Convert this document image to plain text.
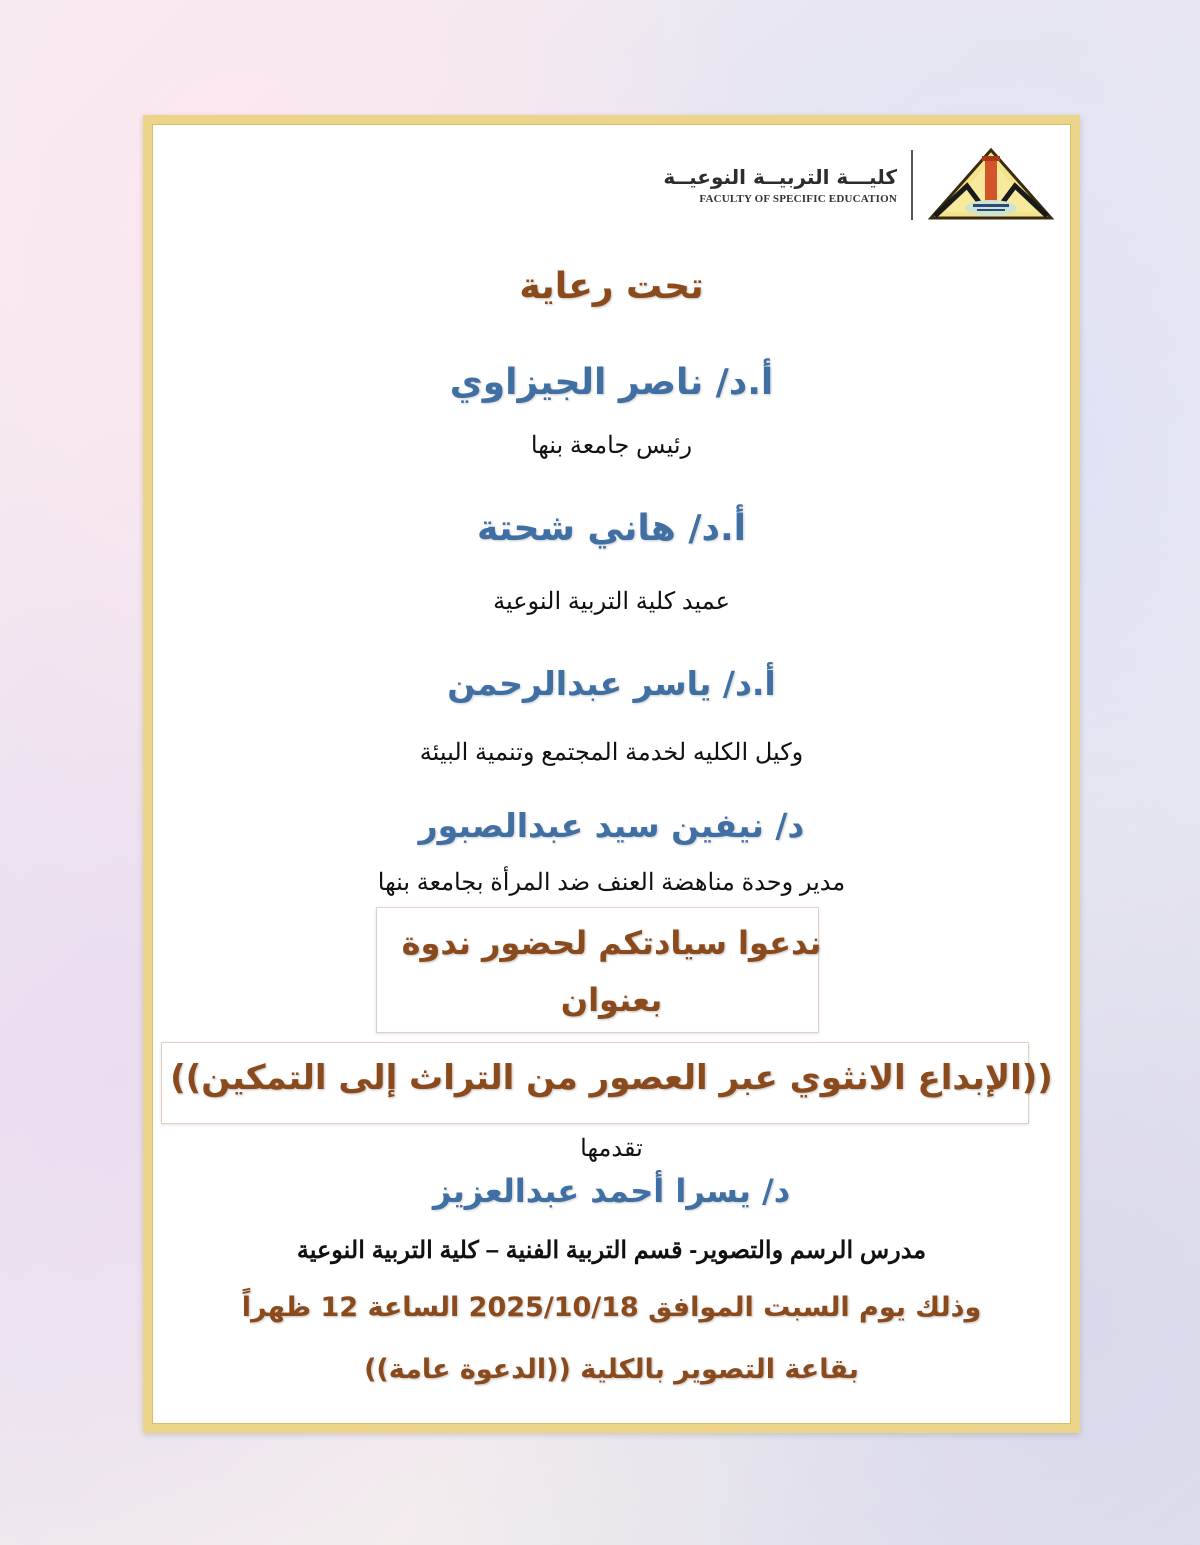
كليـــة التربيــة النوعيــة
FACULTY OF SPECIFIC EDUCATION
تحت رعاية
أ.د/ ناصر الجيزاوي
رئيس جامعة بنها
أ.د/ هاني شحتة
عميد كلية التربية النوعية
أ.د/ ياسر عبدالرحمن
وكيل الكليه لخدمة المجتمع وتنمية البيئة
د/ نيفين سيد عبدالصبور
مدير وحدة مناهضة العنف ضد المرأة بجامعة بنها
ندعوا سيادتكم لحضور ندوة
بعنوان
((الإبداع الانثوي عبر العصور من التراث إلى التمكين))
تقدمها
د/ يسرا أحمد عبدالعزيز
مدرس الرسم والتصوير- قسم التربية الفنية – كلية التربية النوعية
وذلك يوم السبت الموافق 2025/10/18 الساعة 12 ظهراً
بقاعة التصوير بالكلية ((الدعوة عامة))
